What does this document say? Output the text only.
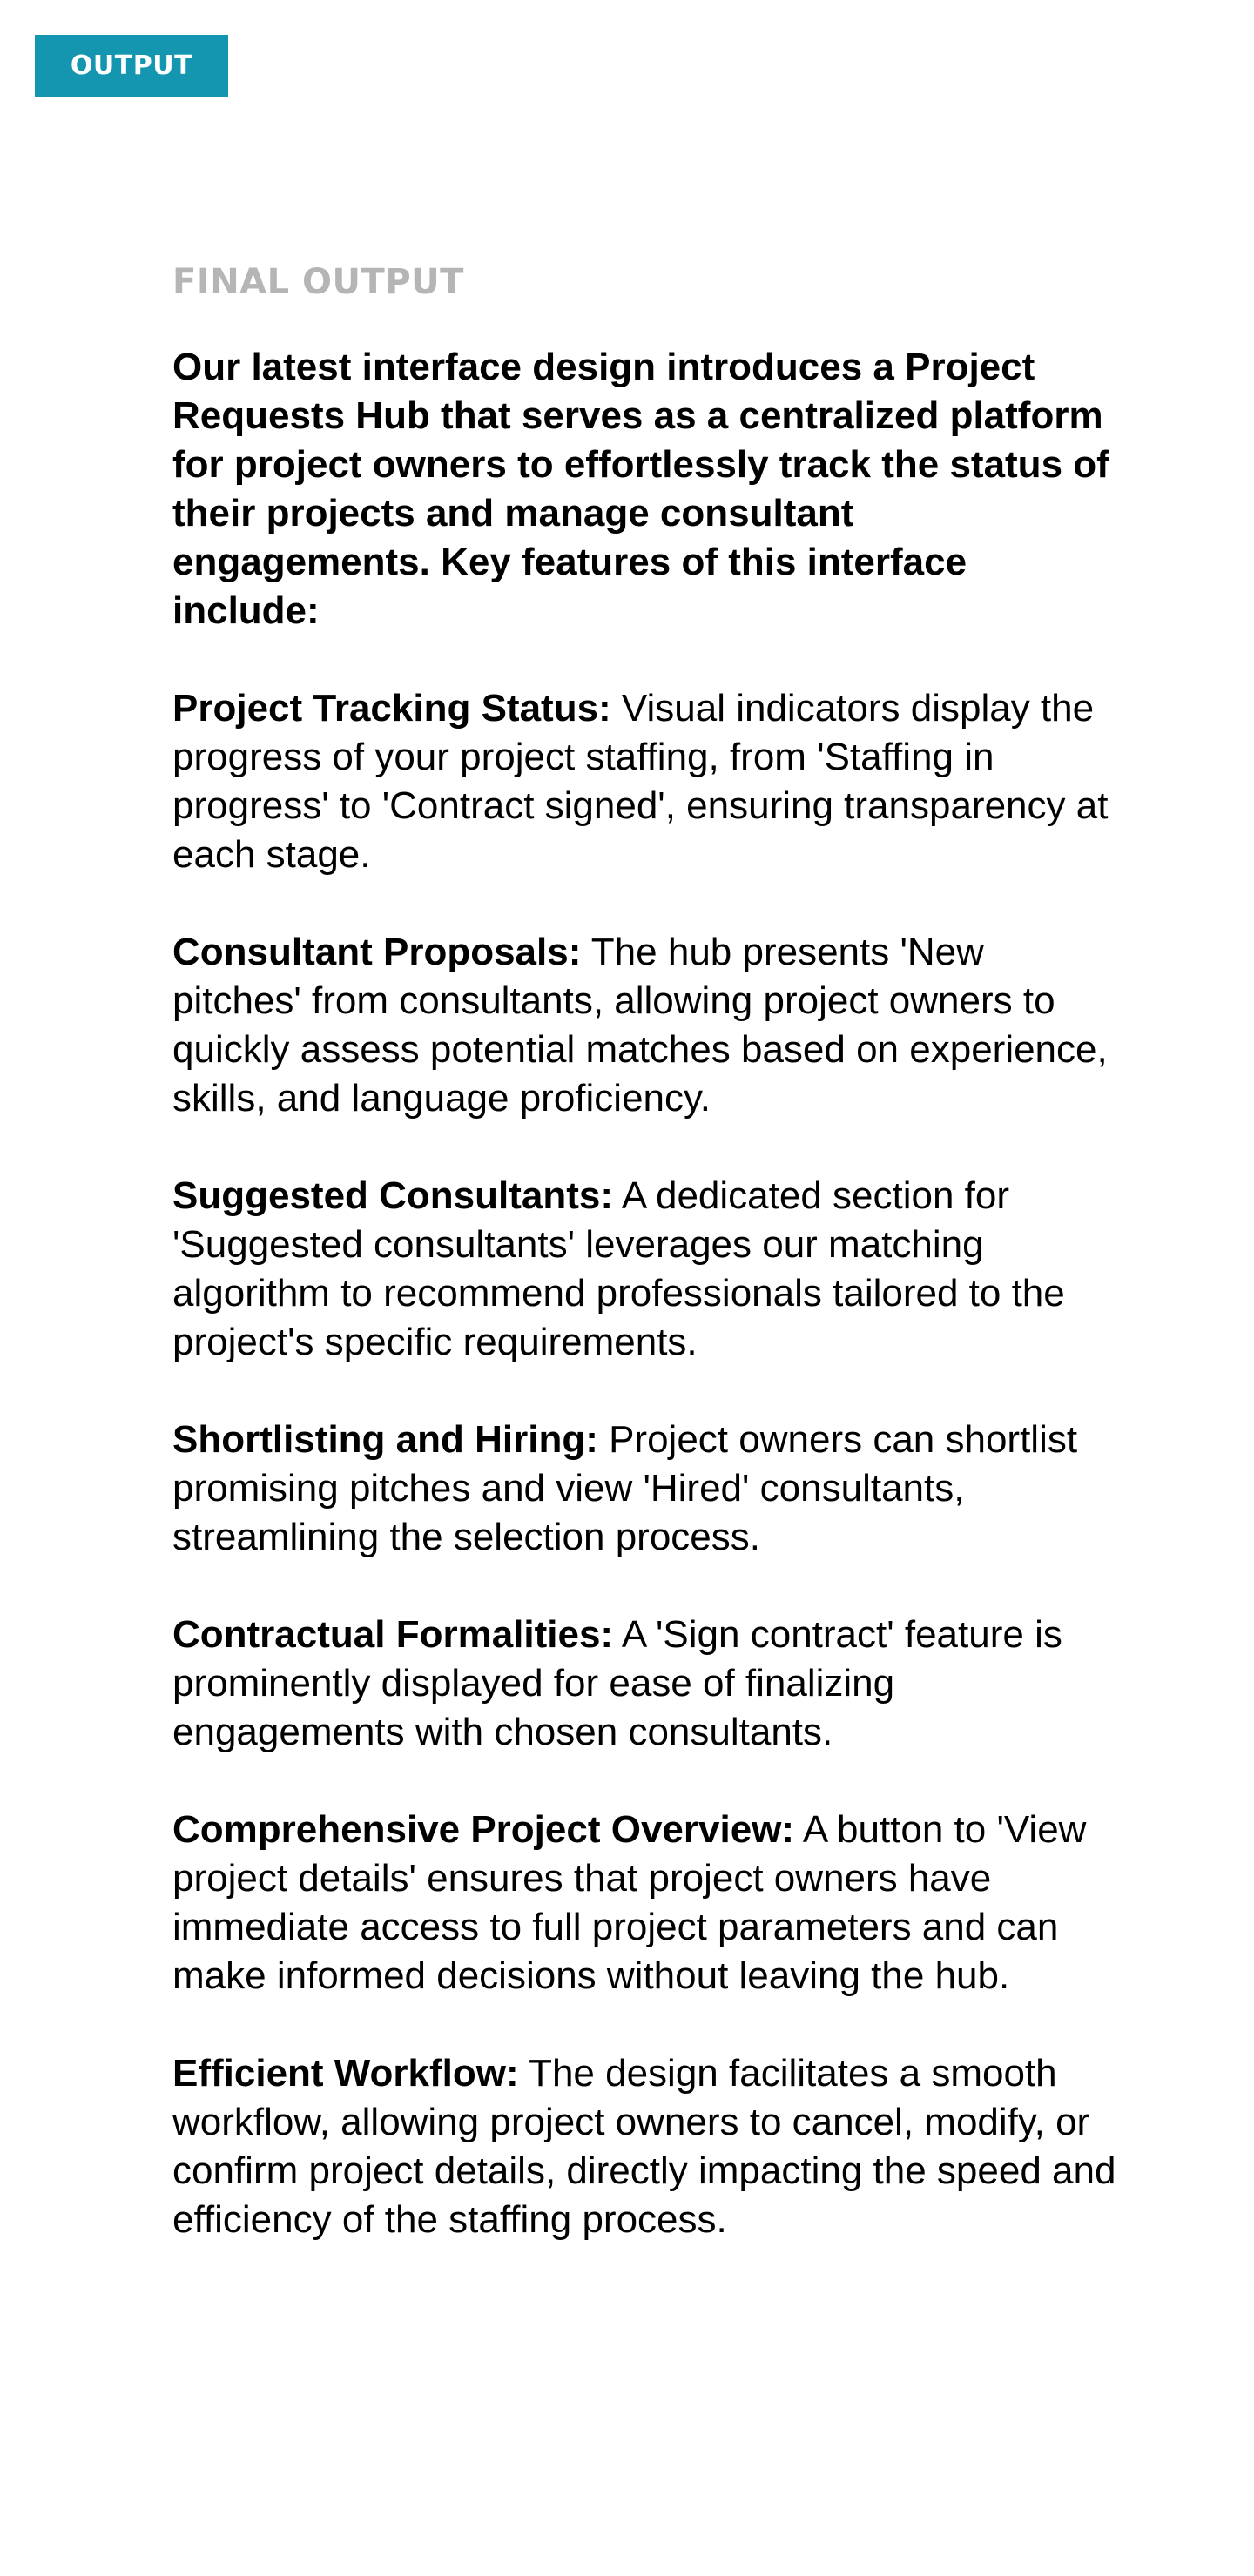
OUTPUT
FINAL OUTPUT

Our latest interface design introduces a Project Requests Hub that serves as a centralized platform for project owners to effortlessly track the status of their projects and manage consultant engagements. Key features of this interface include:

Project Tracking Status: Visual indicators display the progress of your project staffing, from 'Staffing in progress' to 'Contract signed', ensuring transparency at each stage.

Consultant Proposals: The hub presents 'New pitches' from consultants, allowing project owners to quickly assess potential matches based on experience, skills, and language proficiency.

Suggested Consultants: A dedicated section for 'Suggested consultants' leverages our matching algorithm to recommend professionals tailored to the project's specific requirements.

Shortlisting and Hiring: Project owners can shortlist promising pitches and view 'Hired' consultants, streamlining the selection process.

Contractual Formalities: A 'Sign contract' feature is prominently displayed for ease of finalizing engagements with chosen consultants.

Comprehensive Project Overview: A button to 'View project details' ensures that project owners have immediate access to full project parameters and can make informed decisions without leaving the hub.

Efficient Workflow: The design facilitates a smooth workflow, allowing project owners to cancel, modify, or confirm project details, directly impacting the speed and efficiency of the staffing process.
